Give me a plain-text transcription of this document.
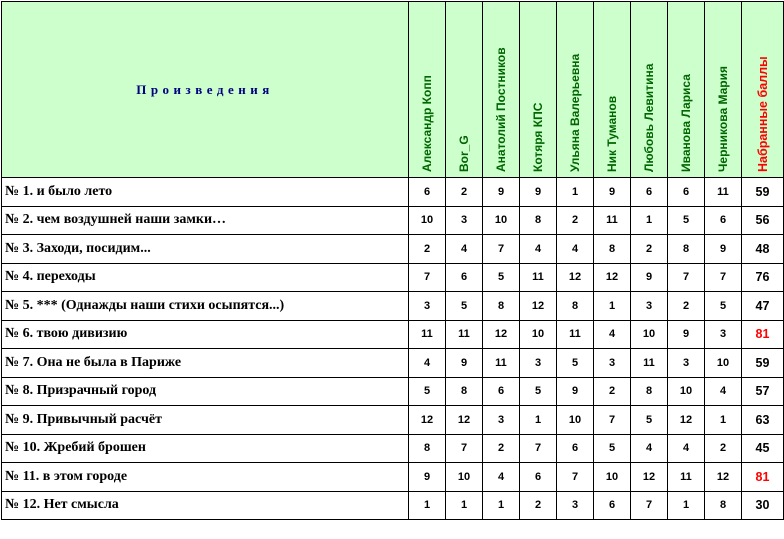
Произведения	Александр Копп	Bor_G	Анатолий Постников	Котяря КПС	Ульяна Валерьевна	Ник Туманов	Любовь Левитина	Иванова Лариса	Черникова Мария	Набранные баллы

№ 1. и было лето	6	2	9	9	1	9	6	6	11	59
№ 2. чем воздушней наши замки…	10	3	10	8	2	11	1	5	6	56
№ 3. Заходи, посидим...	2	4	7	4	4	8	2	8	9	48
№ 4. переходы	7	6	5	11	12	12	9	7	7	76
№ 5. *** (Однажды наши стихи осыпятся...)	3	5	8	12	8	1	3	2	5	47
№ 6. твою дивизию	11	11	12	10	11	4	10	9	3	81
№ 7. Она не была в Париже	4	9	11	3	5	3	11	3	10	59
№ 8. Призрачный город	5	8	6	5	9	2	8	10	4	57
№ 9. Привычный расчёт	12	12	3	1	10	7	5	12	1	63
№ 10. Жребий брошен	8	7	2	7	6	5	4	4	2	45
№ 11. в этом городе	9	10	4	6	7	10	12	11	12	81
№ 12. Нет смысла	1	1	1	2	3	6	7	1	8	30
